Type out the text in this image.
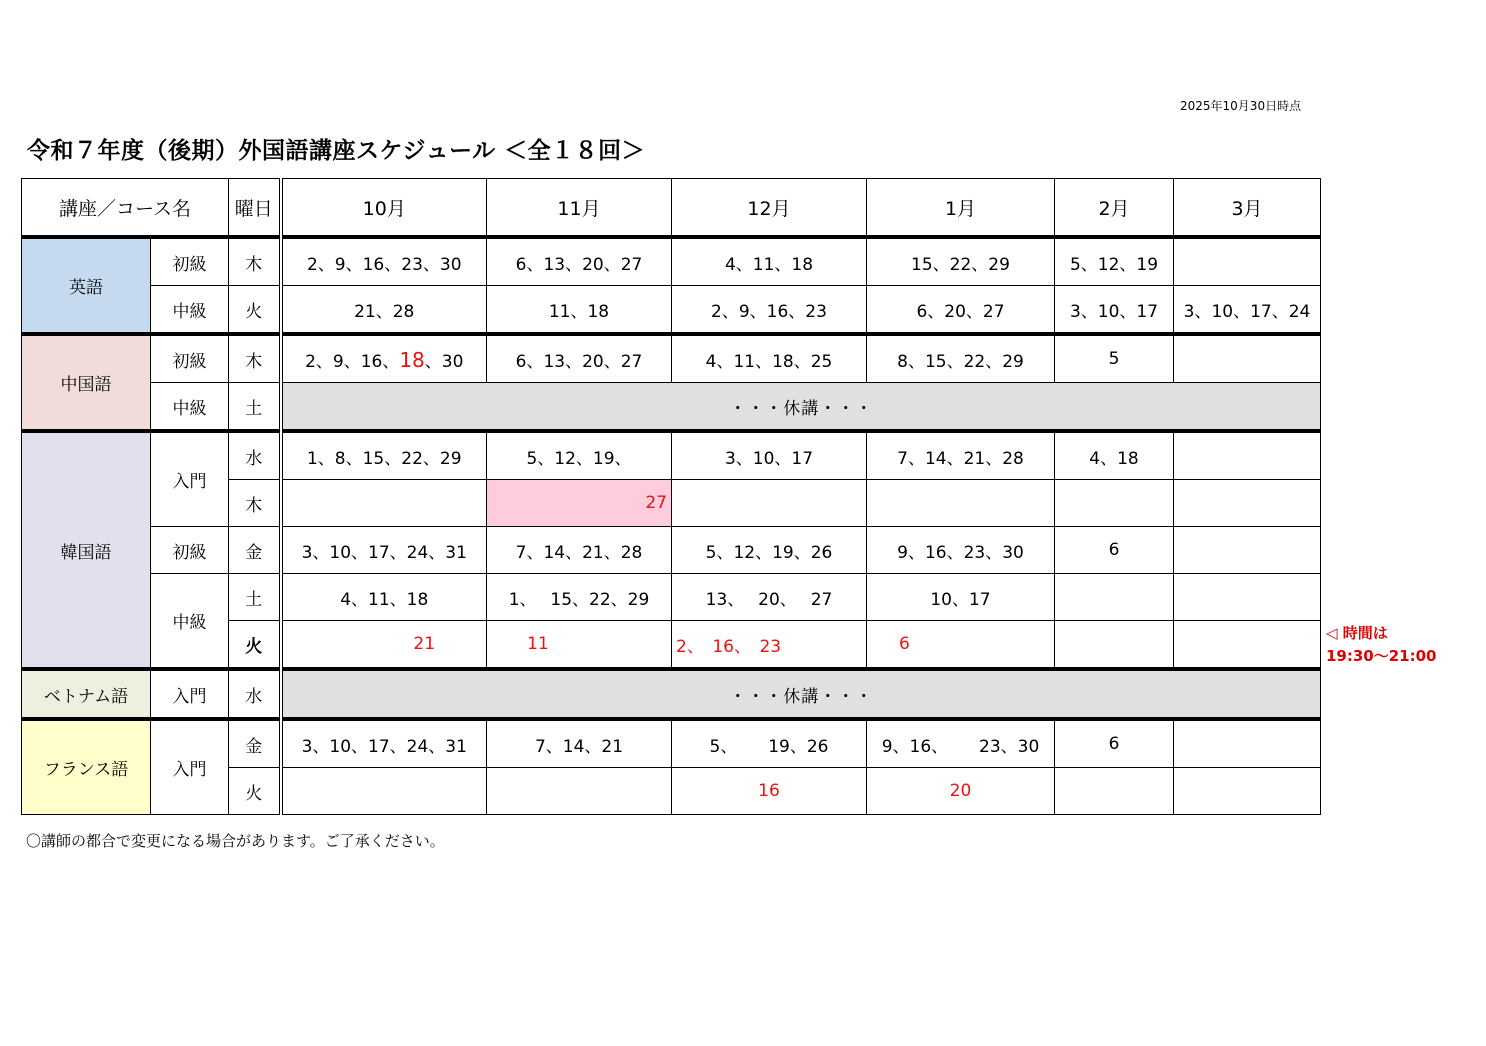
2025年10月30日時点
令和７年度（後期）外国語講座スケジュール ＜全１８回＞
講座／コース名		曜日	10月	11月	12月	1月	2月	3月
英語	初級	木	2、9、16、23、30	6、13、20、27	4、11、18	15、22、29	5、12、19	
	中級	火	21、28	11、18	2、9、16、23	6、20、27	3、10、17	3、10、17、24
中国語	初級	木	2、9、16、18、30	6、13、20、27	4、11、18、25	8、15、22、29	5	
	中級	土	・・・休講・・・					
韓国語	入門	水	1、8、15、22、29	5、12、19、	3、10、17	7、14、21、28	4、18	
		木		27				
	初級	金	3、10、17、24、31	7、14、21、28	5、12、19、26	9、16、23、30	6	
	中級	土	4、11、18	1、　 15、22、29	13、　 20、　 27	10、17		
		火	21	11	2、　16、　23	6		
ベトナム語	入門	水	・・・休講・・・					
フランス語	入門	金	3、10、17、24、31	7、14、21	5、　　 19、26	9、16、　　 23、30	6	
		火			16	20		
◁ 時間は
19:30～21:00
〇講師の都合で変更になる場合があります。ご了承ください。
